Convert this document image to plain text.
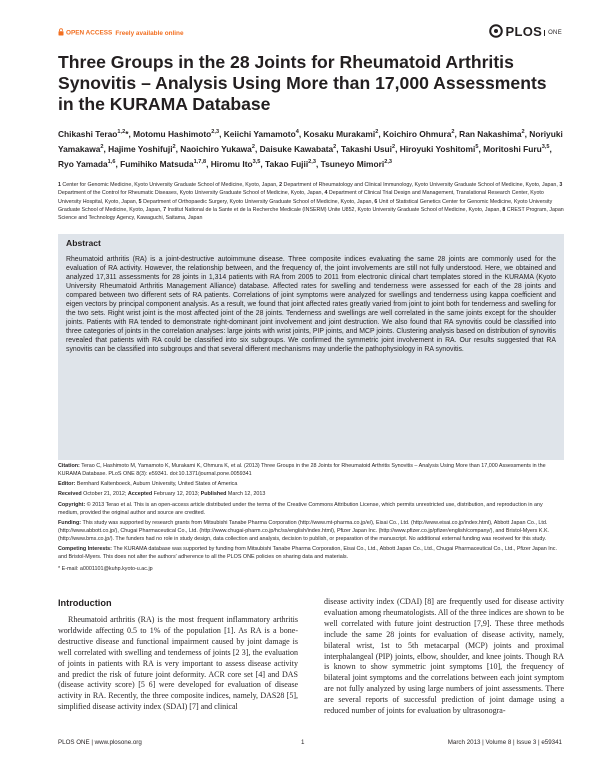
OPEN ACCESS Freely available online	PLOS ONE
Three Groups in the 28 Joints for Rheumatoid Arthritis Synovitis – Analysis Using More than 17,000 Assessments in the KURAMA Database

Chikashi Terao$^{1,2}$*, Motomu Hashimoto$^{2,3}$, Keiichi Yamamoto$^4$, Kosaku Murakami$^2$, Koichiro Ohmura$^2$, Ran Nakashima$^2$, Noriyuki Yamakawa$^2$, Hajime Yoshifuji$^2$, Naoichiro Yukawa$^2$, Daisuke Kawabata$^2$, Takashi Usui$^2$, Hiroyuki Yoshitomi$^5$, Moritoshi Furu$^{3,5}$, Ryo Yamada$^{1,6}$, Fumihiko Matsuda$^{1,7,8}$, Hiromu Ito$^{3,5}$, Takao Fujii$^{2,3}$, Tsuneyo Mimori$^{2,3}$

1 Center for Genomic Medicine, Kyoto University Graduate School of Medicine, Kyoto, Japan, 2 Department of Rheumatology and Clinical Immunology, Kyoto University Graduate School of Medicine, Kyoto, Japan, 3 Department of the Control for Rheumatic Diseases, Kyoto University Graduate School of Medicine, Kyoto, Japan, 4 Department of Clinical Trial Design and Management, Translational Research Center, Kyoto University Hospital, Kyoto, Japan, 5 Department of Orthopaedic Surgery, Kyoto University Graduate School of Medicine, Kyoto, Japan, 6 Unit of Statistical Genetics Center for Genomic Medicine, Kyoto University Graduate School of Medicine, Kyoto, Japan, 7 Institut National de la Sante et de la Recherche Medicale (INSERM) Unite U852, Kyoto University Graduate School of Medicine, Kyoto, Japan, 8 CREST Program, Japan Science and Technology Agency, Kawaguchi, Saitama, Japan

Abstract

Rheumatoid arthritis (RA) is a joint-destructive autoimmune disease. Three composite indices evaluating the same 28 joints are commonly used for the evaluation of RA activity. However, the relationship between, and the frequency of, the joint involvements are still not fully understood. Here, we obtained and analyzed 17,311 assessments for 28 joints in 1,314 patients with RA from 2005 to 2011 from electronic clinical chart templates stored in the KURAMA (Kyoto University Rheumatoid Arthritis Management Alliance) database. Affected rates for swelling and tenderness were assessed for each of the 28 joints and compared between two different sets of RA patients. Correlations of joint symptoms were analyzed for swellings and tenderness using kappa coefficient and eigen vectors by principal component analysis. As a result, we found that joint affected rates greatly varied from joint to joint both for tenderness and swelling for the two sets. Right wrist joint is the most affected joint of the 28 joints. Tenderness and swellings are well correlated in the same joints except for the shoulder joints. Patients with RA tended to demonstrate right-dominant joint involvement and joint destruction. We also found that RA synovitis could be classified into three categories of joints in the correlation analyses: large joints with wrist joints, PIP joints, and MCP joints. Clustering analysis based on distribution of synovitis revealed that patients with RA could be classified into six subgroups. We confirmed the symmetric joint involvement in RA. Our results suggested that RA synovitis can be classified into subgroups and that several different mechanisms may underlie the pathophysiology in RA synovitis.

Citation: Terao C, Hashimoto M, Yamamoto K, Murakami K, Ohmura K, et al. (2013) Three Groups in the 28 Joints for Rheumatoid Arthritis Synovitis – Analysis Using More than 17,000 Assessments in the KURAMA Database. PLoS ONE 8(3): e59341. doi:10.1371/journal.pone.0059341

Editor: Bernhard Kaltenboeck, Auburn University, United States of America

Received October 21, 2012; Accepted February 12, 2013; Published March 12, 2013

Copyright: © 2013 Terao et al. This is an open-access article distributed under the terms of the Creative Commons Attribution License, which permits unrestricted use, distribution, and reproduction in any medium, provided the original author and source are credited.

Funding: This study was supported by research grants from Mitsubishi Tanabe Pharma Corporation (http://www.mt-pharma.co.jp/e/), Eisai Co., Ltd. (http://www.eisai.co.jp/index.html), Abbott Japan Co., Ltd. (http://www.abbott.co.jp/), Chugai Pharmaceutical Co., Ltd. (http://www.chugai-pharm.co.jp/hc/ss/english/index.html), Pfizer Japan Inc. (http://www.pfizer.co.jp/pfizer/english/company/), and Bristol-Myers K.K. (http://www.bms.co.jp/). The funders had no role in study design, data collection and analysis, decision to publish, or preparation of the manuscript. No additional external funding was received for this study.

Competing Interests: The KURAMA database was supported by funding from Mitsubishi Tanabe Pharma Corporation, Eisai Co., Ltd., Abbott Japan Co., Ltd., Chugai Pharmaceutical Co., Ltd., Pfizer Japan Inc. and Bristol-Myers. This does not alter the authors' adherence to all the PLOS ONE policies on sharing data and materials.

* E-mail: a0001101@kuhp.kyoto-u.ac.jp

Introduction

Rheumatoid arthritis (RA) is the most frequent inflammatory arthritis worldwide affecting 0.5 to 1% of the population [1]. As RA is a bone-destructive disease and functional impairment caused by joint damage is well correlated with swelling and tenderness of joints [2 3], the evaluation of joints in patients with RA is very important to assess disease activity and predict the risk of future joint deformity. ACR core set [4] and DAS (disease activity score) [5 6] were developed for evaluation of disease activity in RA. Recently, the three composite indices, namely, DAS28 [5], simplified disease activity index (SDAI) [7] and clinical

disease activity index (CDAI) [8] are frequently used for disease activity evaluation among rheumatologists. All of the three indices are shown to be well correlated with future joint destruction [7,9]. These three methods include the same 28 joints for evaluation of disease activity, namely, bilateral wrist, 1st to 5th metacarpal (MCP) joints and proximal interphalangeal (PIP) joints, elbow, shoulder, and knee joints. Though RA is known to show symmetric joint symptoms [10], the frequency of bilateral joint symptoms and the correlations between each joint symptom are not fully analyzed by using large numbers of joint assessments. There are several reports of successful prediction of joint damage using a reduced number of joints for evaluation by ultrasonogra-

PLOS ONE | www.plosone.org	1	March 2013 | Volume 8 | Issue 3 | e59341
